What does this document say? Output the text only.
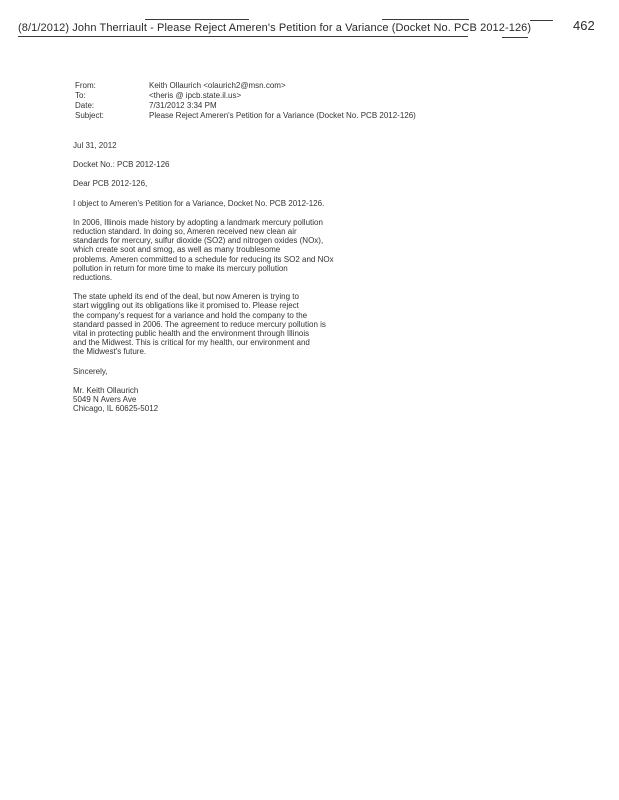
(8/1/2012) John Therriault - Please Reject Ameren's Petition for a Variance (Docket No. PCB 2012-126)	462
From:	Keith Ollaurich <olaurich2@msn.com>
To:	<theris @ ipcb.state.il.us>
Date:	7/31/2012 3:34 PM
Subject:	Please Reject Ameren's Petition for a Variance (Docket No. PCB 2012-126)

Jul 31, 2012

Docket No.: PCB 2012-126

Dear PCB 2012-126,

I object to Ameren's Petition for a Variance, Docket No. PCB 2012-126.

In 2006, Illinois made history by adopting a landmark mercury pollution
reduction standard. In doing so, Ameren received new clean air
standards for mercury, sulfur dioxide (SO2) and nitrogen oxides (NOx),
which create soot and smog, as well as many troublesome
problems. Ameren committed to a schedule for reducing its SO2 and NOx
pollution in return for more time to make its mercury pollution
reductions.

The state upheld its end of the deal, but now Ameren is trying to
start wiggling out its obligations like it promised to. Please reject
the company's request for a variance and hold the company to the
standard passed in 2006. The agreement to reduce mercury pollution is
vital in protecting public health and the environment through Illinois
and the Midwest. This is critical for my health, our environment and
the Midwest's future.

Sincerely,

Mr. Keith Ollaurich
5049 N Avers Ave
Chicago, IL 60625-5012
